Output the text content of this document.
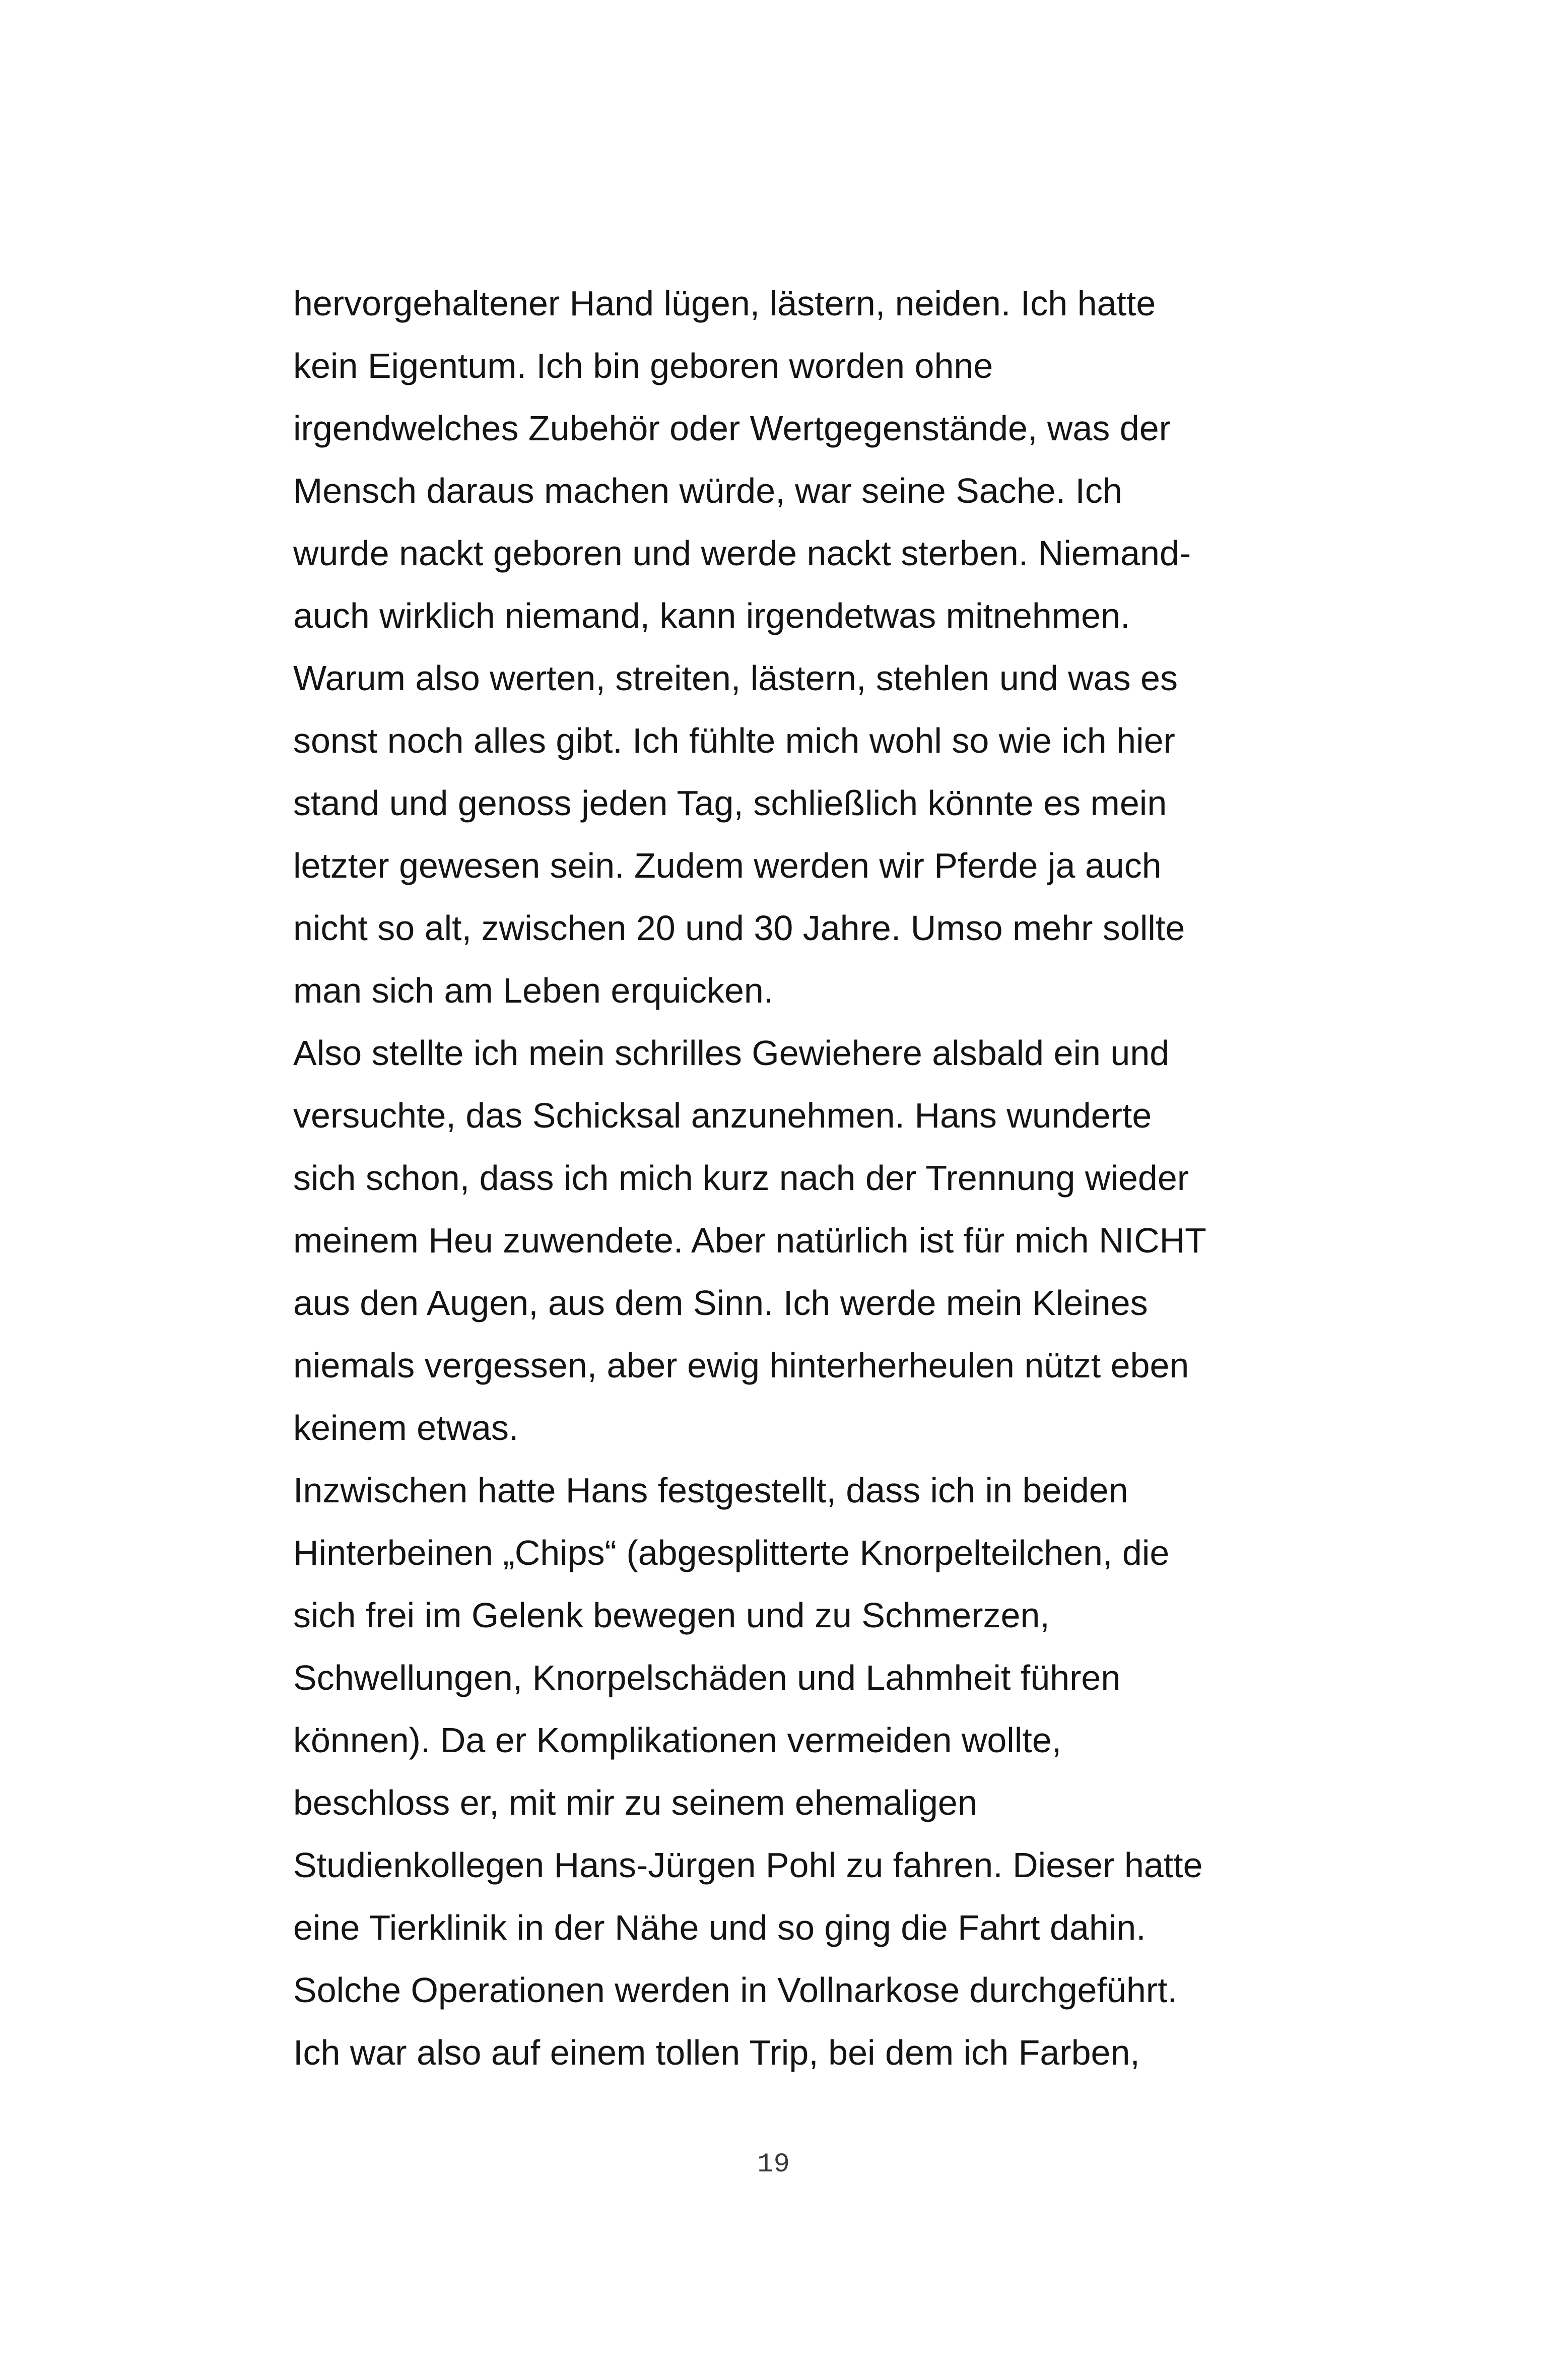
hervorgehaltener Hand lügen, lästern, neiden. Ich hatte
kein Eigentum. Ich bin geboren worden ohne
irgendwelches Zubehör oder Wertgegenstände, was der
Mensch daraus machen würde, war seine Sache. Ich
wurde nackt geboren und werde nackt sterben. Niemand-
auch wirklich niemand, kann irgendetwas mitnehmen.
Warum also werten, streiten, lästern, stehlen und was es
sonst noch alles gibt. Ich fühlte mich wohl so wie ich hier
stand und genoss jeden Tag, schließlich könnte es mein
letzter gewesen sein. Zudem werden wir Pferde ja auch
nicht so alt, zwischen 20 und 30 Jahre. Umso mehr sollte
man sich am Leben erquicken.
Also stellte ich mein schrilles Gewiehere alsbald ein und
versuchte, das Schicksal anzunehmen. Hans wunderte
sich schon, dass ich mich kurz nach der Trennung wieder
meinem Heu zuwendete. Aber natürlich ist für mich NICHT
aus den Augen, aus dem Sinn. Ich werde mein Kleines
niemals vergessen, aber ewig hinterherheulen nützt eben
keinem etwas.
Inzwischen hatte Hans festgestellt, dass ich in beiden
Hinterbeinen „Chips“ (abgesplitterte Knorpelteilchen, die
sich frei im Gelenk bewegen und zu Schmerzen,
Schwellungen, Knorpelschäden und Lahmheit führen
können). Da er Komplikationen vermeiden wollte,
beschloss er, mit mir zu seinem ehemaligen
Studienkollegen Hans-Jürgen Pohl zu fahren. Dieser hatte
eine Tierklinik in der Nähe und so ging die Fahrt dahin.
Solche Operationen werden in Vollnarkose durchgeführt.
Ich war also auf einem tollen Trip, bei dem ich Farben,
19
